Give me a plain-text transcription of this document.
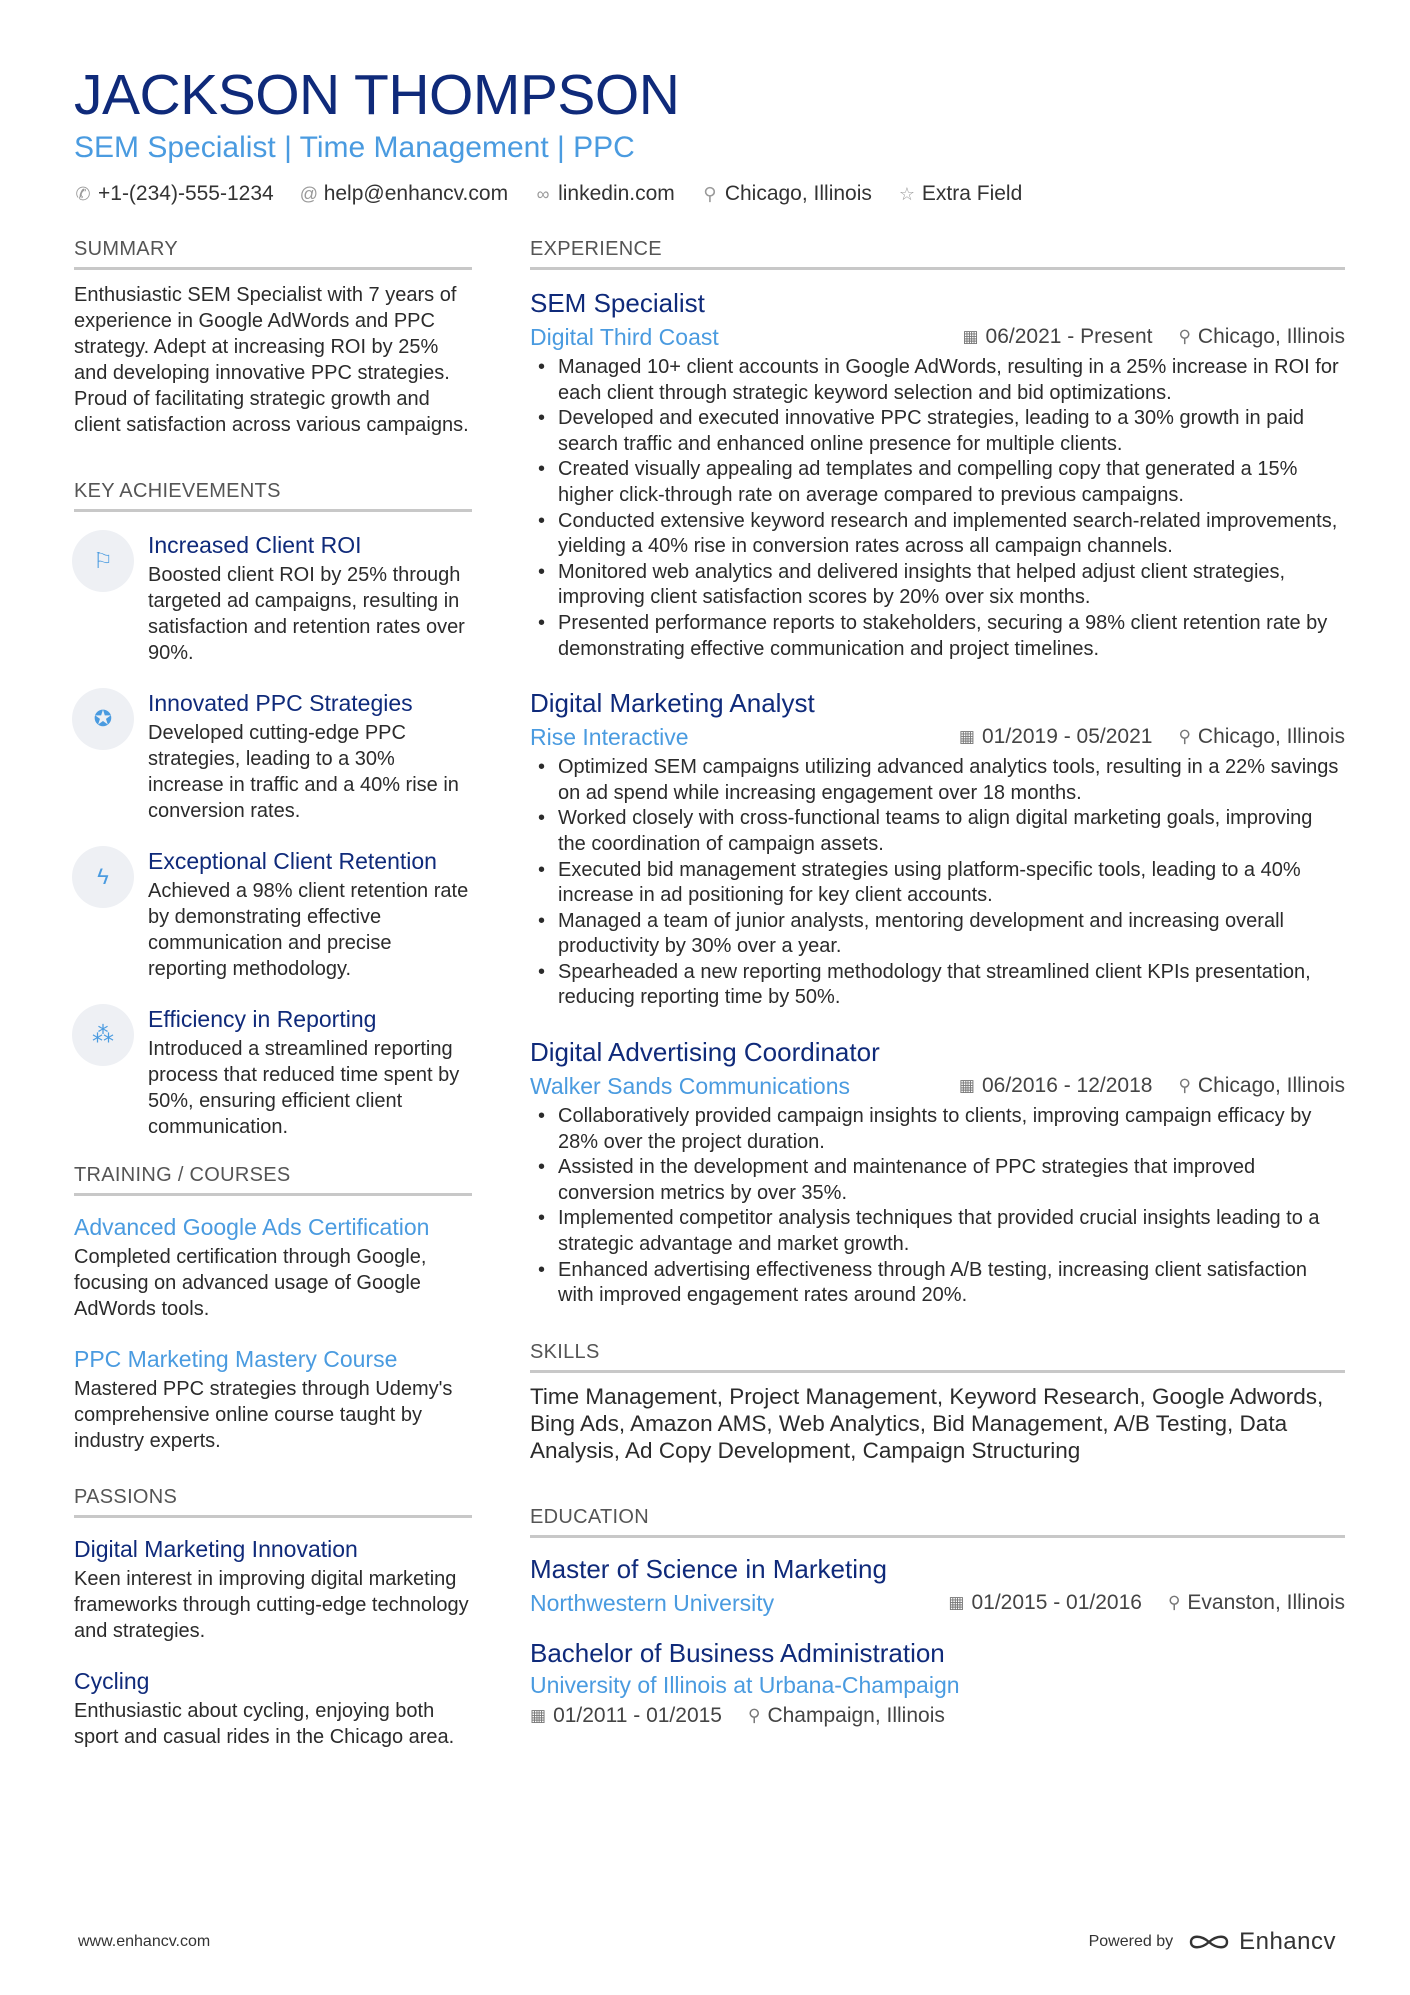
JACKSON THOMPSON
SEM Specialist | Time Management | PPC
✆ +1-(234)-555-1234 @ help@enhancv.com ∞ linkedin.com ⚲ Chicago, Illinois ☆ Extra Field
SUMMARY
Enthusiastic SEM Specialist with 7 years of experience in Google AdWords and PPC strategy. Adept at increasing ROI by 25% and developing innovative PPC strategies. Proud of facilitating strategic growth and client satisfaction across various campaigns.
KEY ACHIEVEMENTS
⚐
Increased Client ROI
Boosted client ROI by 25% through targeted ad campaigns, resulting in satisfaction and retention rates over 90%.
✪
Innovated PPC Strategies
Developed cutting-edge PPC strategies, leading to a 30% increase in traffic and a 40% rise in conversion rates.
ϟ
Exceptional Client Retention
Achieved a 98% client retention rate by demonstrating effective communication and precise reporting methodology.
⁂
Efficiency in Reporting
Introduced a streamlined reporting process that reduced time spent by 50%, ensuring efficient client communication.
TRAINING / COURSES
Advanced Google Ads Certification
Completed certification through Google, focusing on advanced usage of Google AdWords tools.
PPC Marketing Mastery Course
Mastered PPC strategies through Udemy's comprehensive online course taught by industry experts.
PASSIONS
Digital Marketing Innovation
Keen interest in improving digital marketing frameworks through cutting-edge technology and strategies.
Cycling
Enthusiastic about cycling, enjoying both sport and casual rides in the Chicago area.
EXPERIENCE
SEM Specialist
Digital Third Coast	▦ 06/2021 - Present ⚲ Chicago, Illinois
• Managed 10+ client accounts in Google AdWords, resulting in a 25% increase in ROI for each client through strategic keyword selection and bid optimizations.
• Developed and executed innovative PPC strategies, leading to a 30% growth in paid search traffic and enhanced online presence for multiple clients.
• Created visually appealing ad templates and compelling copy that generated a 15% higher click-through rate on average compared to previous campaigns.
• Conducted extensive keyword research and implemented search-related improvements, yielding a 40% rise in conversion rates across all campaign channels.
• Monitored web analytics and delivered insights that helped adjust client strategies, improving client satisfaction scores by 20% over six months.
• Presented performance reports to stakeholders, securing a 98% client retention rate by demonstrating effective communication and project timelines.
Digital Marketing Analyst
Rise Interactive	▦ 01/2019 - 05/2021 ⚲ Chicago, Illinois
• Optimized SEM campaigns utilizing advanced analytics tools, resulting in a 22% savings on ad spend while increasing engagement over 18 months.
• Worked closely with cross-functional teams to align digital marketing goals, improving the coordination of campaign assets.
• Executed bid management strategies using platform-specific tools, leading to a 40% increase in ad positioning for key client accounts.
• Managed a team of junior analysts, mentoring development and increasing overall productivity by 30% over a year.
• Spearheaded a new reporting methodology that streamlined client KPIs presentation, reducing reporting time by 50%.
Digital Advertising Coordinator
Walker Sands Communications	▦ 06/2016 - 12/2018 ⚲ Chicago, Illinois
• Collaboratively provided campaign insights to clients, improving campaign efficacy by 28% over the project duration.
• Assisted in the development and maintenance of PPC strategies that improved conversion metrics by over 35%.
• Implemented competitor analysis techniques that provided crucial insights leading to a strategic advantage and market growth.
• Enhanced advertising effectiveness through A/B testing, increasing client satisfaction with improved engagement rates around 20%.
SKILLS
Time Management, Project Management, Keyword Research, Google Adwords, Bing Ads, Amazon AMS, Web Analytics, Bid Management, A/B Testing, Data Analysis, Ad Copy Development, Campaign Structuring
EDUCATION
Master of Science in Marketing
Northwestern University	▦ 01/2015 - 01/2016 ⚲ Evanston, Illinois
Bachelor of Business Administration
University of Illinois at Urbana-Champaign
▦ 01/2011 - 01/2015 ⚲ Champaign, Illinois
www.enhancv.com	Powered by	Enhancv
